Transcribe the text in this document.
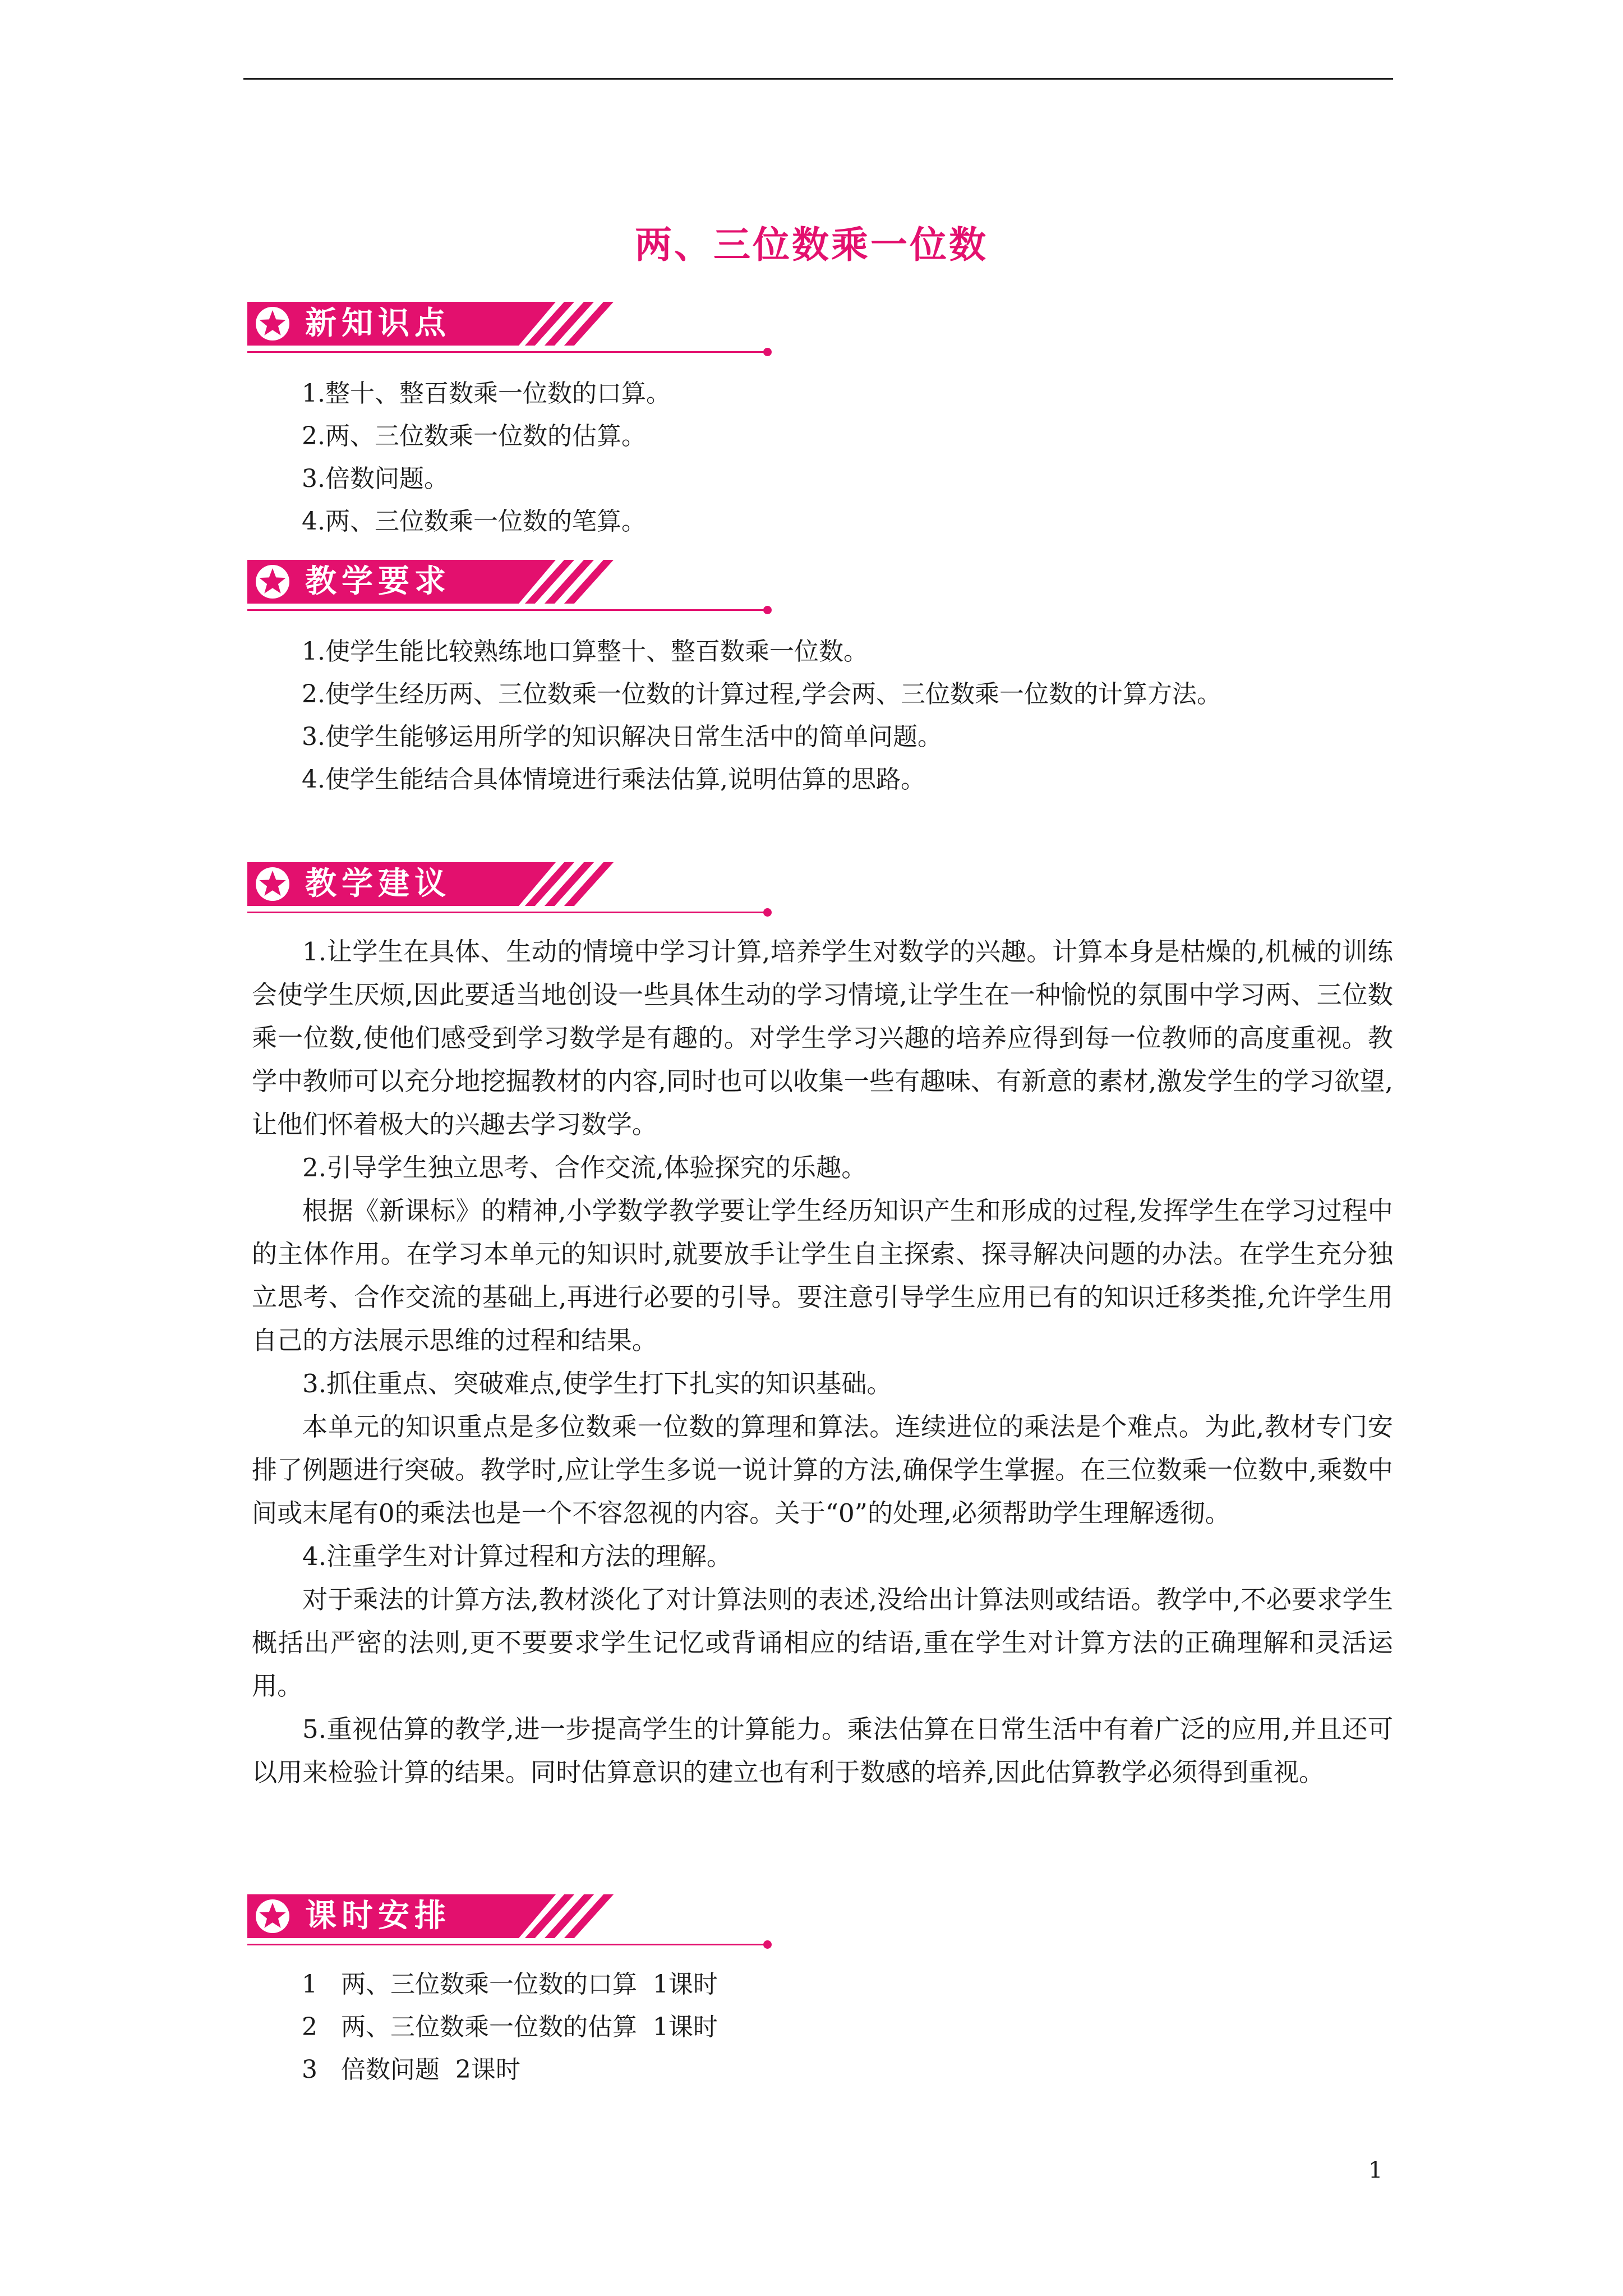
两、三位数乘一位数
新知识点
1.整十、整百数乘一位数的口算。
2.两、三位数乘一位数的估算。
3.倍数问题。
4.两、三位数乘一位数的笔算。
教学要求
1.使学生能比较熟练地口算整十、整百数乘一位数。
2.使学生经历两、三位数乘一位数的计算过程,学会两、三位数乘一位数的计算方法。
3.使学生能够运用所学的知识解决日常生活中的简单问题。
4.使学生能结合具体情境进行乘法估算,说明估算的思路。
教学建议

1.让学生在具体、生动的情境中学习计算,培养学生对数学的兴趣。计算本身是枯燥的,机械的训练会使学生厌烦,因此要适当地创设一些具体生动的学习情境,让学生在一种愉悦的氛围中学习两、三位数乘一位数,使他们感受到学习数学是有趣的。对学生学习兴趣的培养应得到每一位教师的高度重视。教学中教师可以充分地挖掘教材的内容,同时也可以收集一些有趣味、有新意的素材,激发学生的学习欲望,让他们怀着极大的兴趣去学习数学。

2.引导学生独立思考、合作交流,体验探究的乐趣。

根据《新课标》的精神,小学数学教学要让学生经历知识产生和形成的过程,发挥学生在学习过程中的主体作用。在学习本单元的知识时,就要放手让学生自主探索、探寻解决问题的办法。在学生充分独立思考、合作交流的基础上,再进行必要的引导。要注意引导学生应用已有的知识迁移类推,允许学生用自己的方法展示思维的过程和结果。

3.抓住重点、突破难点,使学生打下扎实的知识基础。

本单元的知识重点是多位数乘一位数的算理和算法。连续进位的乘法是个难点。为此,教材专门安排了例题进行突破。教学时,应让学生多说一说计算的方法,确保学生掌握。在三位数乘一位数中,乘数中间或末尾有0的乘法也是一个不容忽视的内容。关于“0”的处理,必须帮助学生理解透彻。

4.注重学生对计算过程和方法的理解。

对于乘法的计算方法,教材淡化了对计算法则的表述,没给出计算法则或结语。教学中,不必要求学生概括出严密的法则,更不要要求学生记忆或背诵相应的结语,重在学生对计算方法的正确理解和灵活运用。

5.重视估算的教学,进一步提高学生的计算能力。乘法估算在日常生活中有着广泛的应用,并且还可以用来检验计算的结果。同时估算意识的建立也有利于数感的培养,因此估算教学必须得到重视。

课时安排
1   两、三位数乘一位数的口算  1课时
2   两、三位数乘一位数的估算  1课时
3   倍数问题  2课时
1
